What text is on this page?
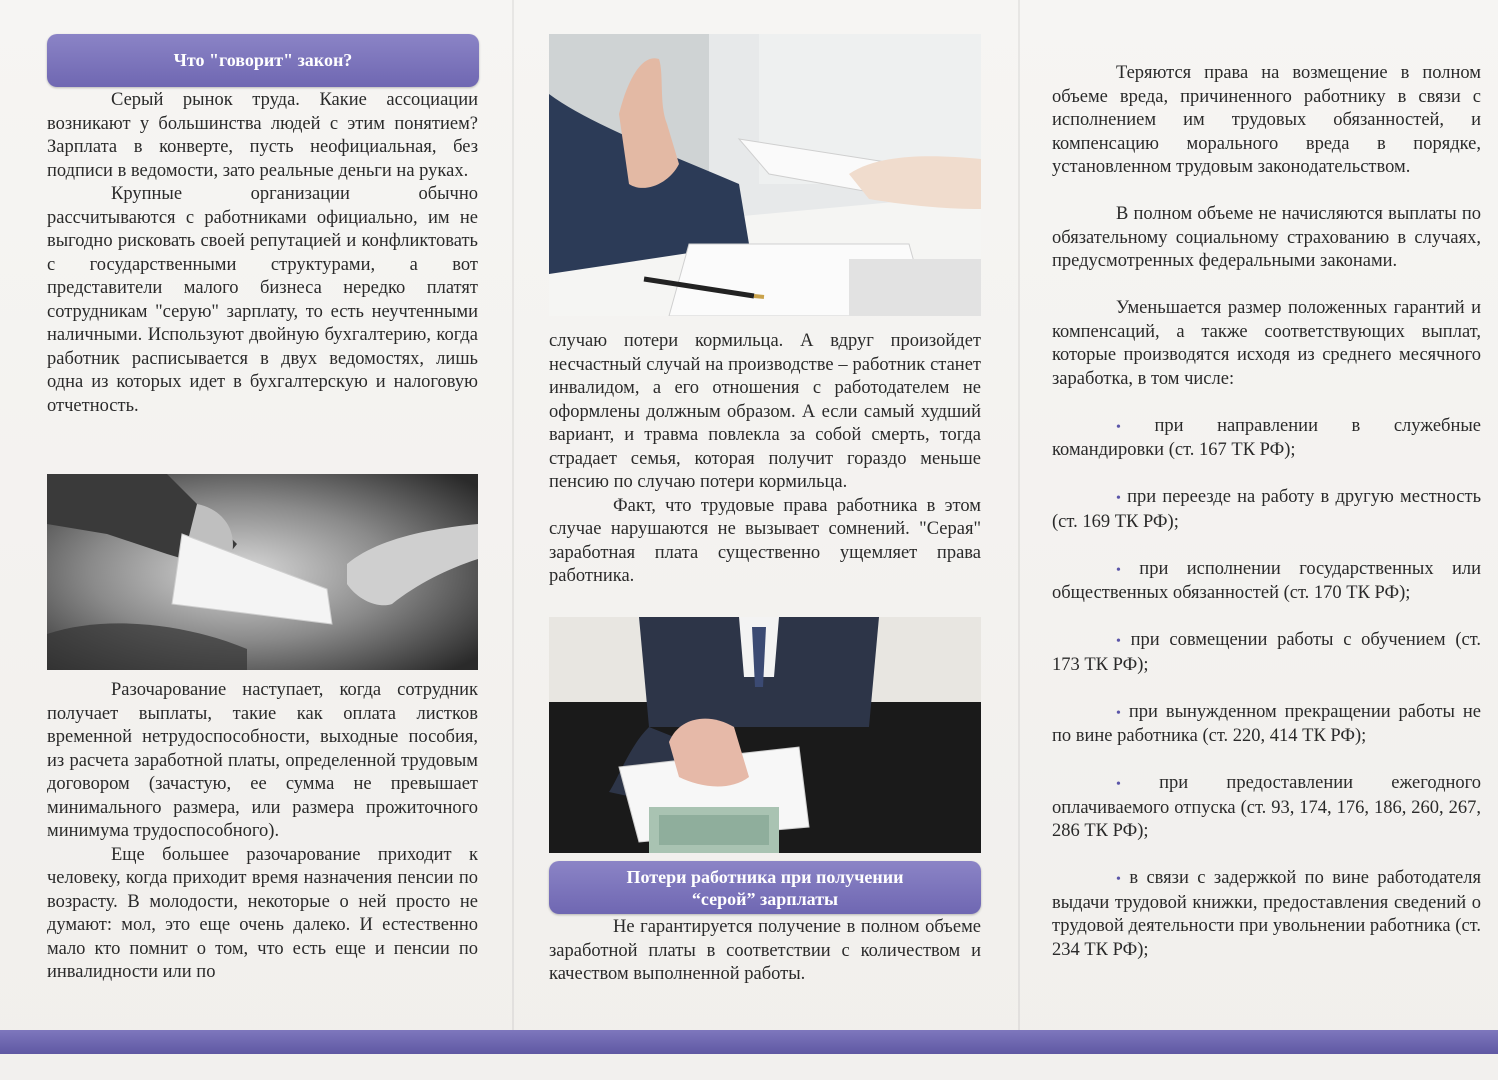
Что "говорит" закон?

Серый рынок труда. Какие ассоциации возникают у большинства людей с этим понятием? Зарплата в конверте, пусть неофициальная, без подписи в ведомости, зато реальные деньги на руках.

Крупные организации обычно рассчитываются с работниками официально, им не выгодно рисковать своей репутацией и конфликтовать с государственными структурами, а вот представители малого бизнеса нередко платят сотрудникам "серую" зарплату, то есть неучтенными наличными. Используют двойную бухгалтерию, когда работник расписывается в двух ведомостях, лишь одна из которых идет в бухгалтерскую и налоговую отчетность.

Разочарование наступает, когда сотрудник получает выплаты, такие как оплата листков временной нетрудоспособности, выходные пособия, из расчета заработной платы, определенной трудовым договором (зачастую, ее сумма не превышает минимального размера, или размера прожиточного минимума трудоспособного).

Еще большее разочарование приходит к человеку, когда приходит время назначения пенсии по возрасту. В молодости, некоторые о ней просто не думают: мол, это еще очень далеко. И естественно мало кто помнит о том, что есть еще и пенсии по инвалидности или по

случаю потери кормильца. А вдруг произойдет несчастный случай на производстве – работник станет инвалидом, а его отношения с работодателем не оформлены должным образом. А если самый худший вариант, и травма повлекла за собой смерть, тогда страдает семья, которая получит гораздо меньше пенсию по случаю потери кормильца.

Факт, что трудовые права работника в этом случае нарушаются не вызывает сомнений. "Серая" заработная плата существенно ущемляет права работника.

Потери работника при получении
“серой” зарплаты

Не гарантируется получение в полном объеме заработной платы в соответствии с количеством и качеством выполненной работы.

Теряются права на возмещение в полном объеме вреда, причиненного работнику в связи с исполнением им трудовых обязанностей, и компенсацию морального вреда в порядке, установленном трудовым законодательством.

В полном объеме не начисляются выплаты по обязательному социальному страхованию в случаях, предусмотренных федеральными законами.

Уменьшается размер положенных гарантий и компенсаций, а также соответствующих выплат, которые производятся исходя из среднего месячного заработка, в том числе:

• при направлении в служебные командировки (ст. 167 ТК РФ);

• при переезде на работу в другую местность (ст. 169 ТК РФ);

• при исполнении государственных или общественных обязанностей (ст. 170 ТК РФ);

• при совмещении работы с обучением (ст. 173 ТК РФ);

• при вынужденном прекращении работы не по вине работника (ст. 220, 414 ТК РФ);

• при предоставлении ежегодного оплачиваемого отпуска (ст. 93, 174, 176, 186, 260, 267, 286 ТК РФ);

• в связи с задержкой по вине работодателя выдачи трудовой книжки, предоставления сведений о трудовой деятельности при увольнении работника (ст. 234 ТК РФ);
